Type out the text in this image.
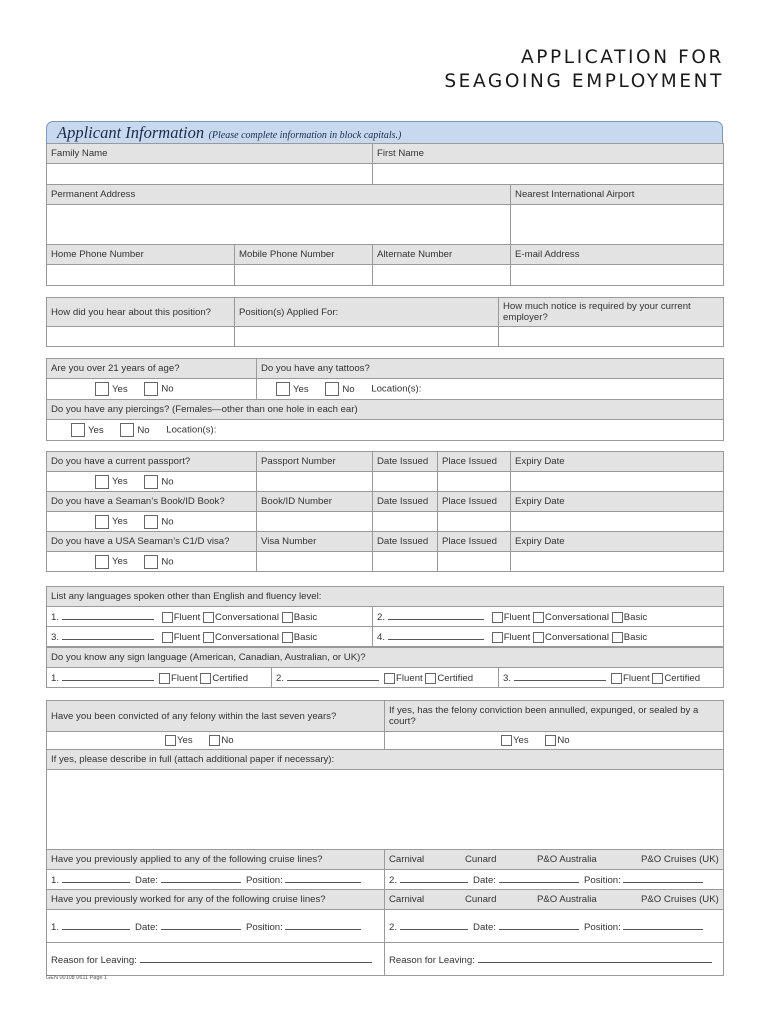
APPLICATION FOR
SEAGOING EMPLOYMENT
Applicant Information (Please complete information in block capitals.)
Family Name		First Name	

Permanent Address			Nearest International Airport

Home Phone Number	Mobile Phone Number	Alternate Number	E-mail Address

How did you hear about this position?	Position(s) Applied For:	How much notice is required by your current employer?

Are you over 21 years of age?	Do you have any tattoos?
Yes No	Yes No Location(s):
Do you have any piercings? (Females—other than one hole in each ear)	
Yes No Location(s):	
Do you have a current passport?	Passport Number	Date Issued	Place Issued	Expiry Date
Yes No				
Do you have a Seaman’s Book/ID Book?	Book/ID Number	Date Issued	Place Issued	Expiry Date
Yes No				
Do you have a USA Seaman’s C1/D visa?	Visa Number	Date Issued	Place Issued	Expiry Date
Yes No				
List any languages spoken other than English and fluency level:	
1. Fluent Conversational Basic	2. Fluent Conversational Basic
3. Fluent Conversational Basic	4. Fluent Conversational Basic
Do you know any sign language (American, Canadian, Australian, or UK)?
1.	Fluent Certified	2.	Fluent Certified	3.	Fluent Certified
Have you been convicted of any felony within the last seven years?	If yes, has the felony conviction been annulled, expunged, or sealed by a court?
Yes No	Yes No
If yes, please describe in full (attach additional paper if necessary):	

Have you previously applied to any of the following cruise lines?	Carnival Cunard P&O Australia P&O Cruises (UK)
1. Date: Position:	2. Date: Position:
Have you previously worked for any of the following cruise lines?	Carnival Cunard P&O Australia P&O Cruises (UK)
1. Date: Position:	2. Date: Position:
Reason for Leaving:	Reason for Leaving:
GEN 00108 0611 Page 1
